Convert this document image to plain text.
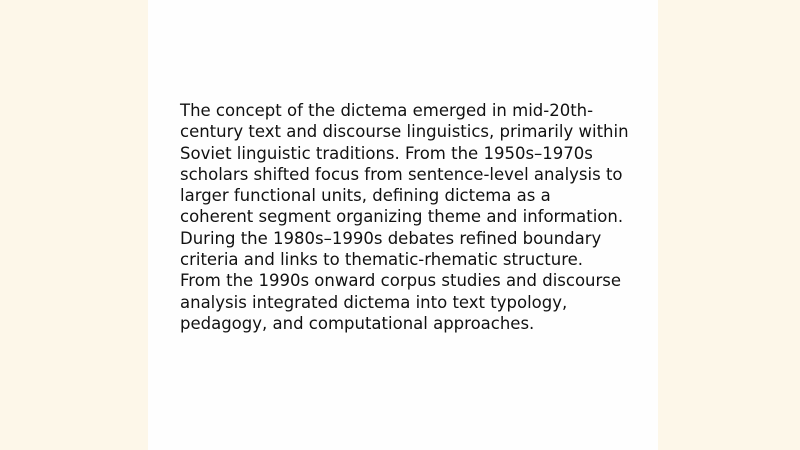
The concept of the dictema emerged in mid-20th-
century text and discourse linguistics, primarily within
Soviet linguistic traditions. From the 1950s–1970s
scholars shifted focus from sentence-level analysis to
larger functional units, defining dictema as a
coherent segment organizing theme and information.
During the 1980s–1990s debates refined boundary
criteria and links to thematic-rhematic structure.
From the 1990s onward corpus studies and discourse
analysis integrated dictema into text typology,
pedagogy, and computational approaches.
